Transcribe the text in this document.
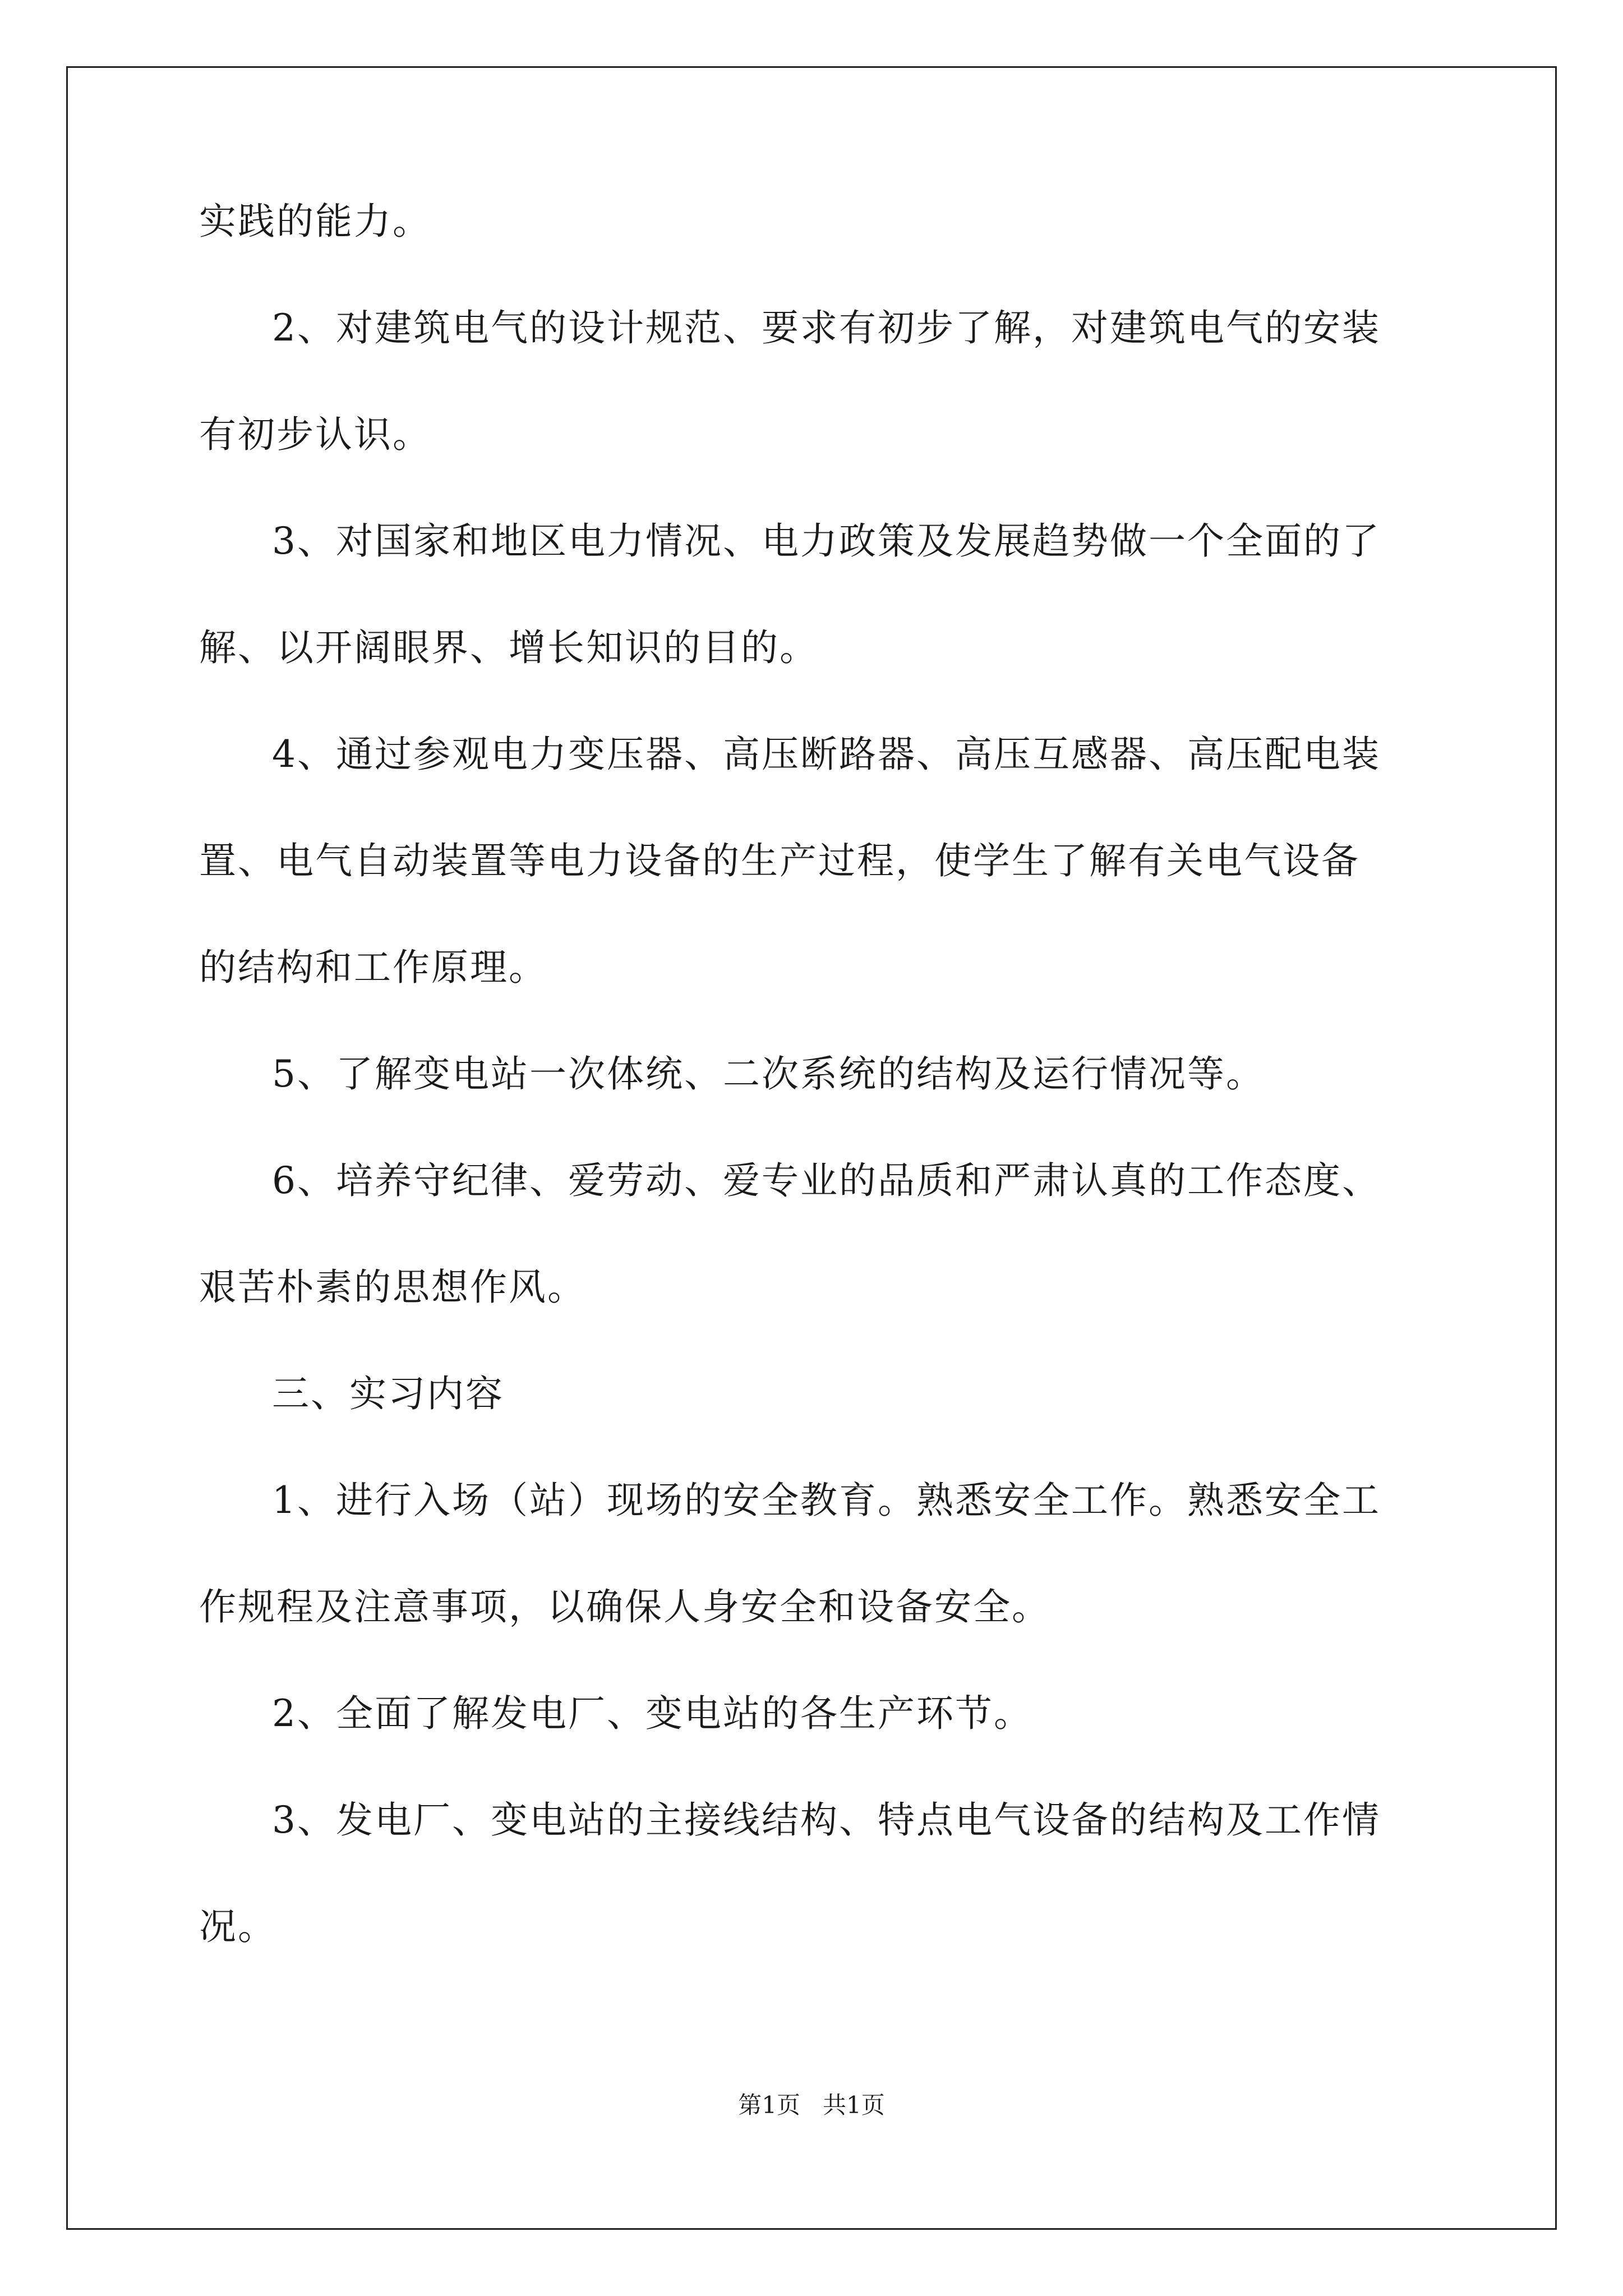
实践的能力。
2、对建筑电气的设计规范、要求有初步了解，对建筑电气的安装
有初步认识。
3、对国家和地区电力情况、电力政策及发展趋势做一个全面的了
解、以开阔眼界、增长知识的目的。
4、通过参观电力变压器、高压断路器、高压互感器、高压配电装
置、电气自动装置等电力设备的生产过程，使学生了解有关电气设备
的结构和工作原理。
5、了解变电站一次体统、二次系统的结构及运行情况等。
6、培养守纪律、爱劳动、爱专业的品质和严肃认真的工作态度、
艰苦朴素的思想作风。
三、实习内容
1、进行入场（站）现场的安全教育。熟悉安全工作。熟悉安全工
作规程及注意事项，以确保人身安全和设备安全。
2、全面了解发电厂、变电站的各生产环节。
3、发电厂、变电站的主接线结构、特点电气设备的结构及工作情
况。
第1页 共1页
